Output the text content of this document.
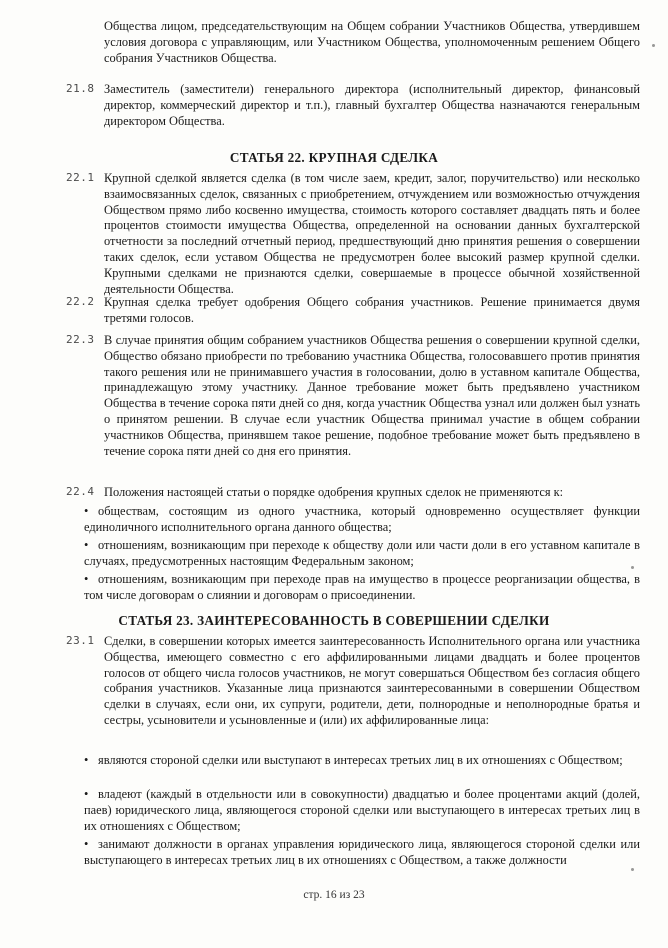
Общества лицом, председательствующим на Общем собрании Участников Общества, утвердившем условия договора с управляющим, или Участником Общества, уполномоченным решением Общего собрания Участников Общества.
21.8 Заместитель (заместители) генерального директора (исполнительный директор, финансовый директор, коммерческий директор и т.п.), главный бухгалтер Общества назначаются генеральным директором Общества.
СТАТЬЯ 22. КРУПНАЯ СДЕЛКА
22.1 Крупной сделкой является сделка (в том числе заем, кредит, залог, поручительство) или несколько взаимосвязанных сделок, связанных с приобретением, отчуждением или возможностью отчуждения Обществом прямо либо косвенно имущества, стоимость которого составляет двадцать пять и более процентов стоимости имущества Общества, определенной на основании данных бухгалтерской отчетности за последний отчетный период, предшествующий дню принятия решения о совершении таких сделок, если уставом Общества не предусмотрен более высокий размер крупной сделки. Крупными сделками не признаются сделки, совершаемые в процессе обычной хозяйственной деятельности Общества.
22.2 Крупная сделка требует одобрения Общего собрания участников. Решение принимается двумя третями голосов.
22.3 В случае принятия общим собранием участников Общества решения о совершении крупной сделки, Общество обязано приобрести по требованию участника Общества, голосовавшего против принятия такого решения или не принимавшего участия в голосовании, долю в уставном капитале Общества, принадлежащую этому участнику. Данное требование может быть предъявлено участником Общества в течение сорока пяти дней со дня, когда участник Общества узнал или должен был узнать о принятом решении. В случае если участник Общества принимал участие в общем собрании участников Общества, принявшем такое решение, подобное требование может быть предъявлено в течение сорока пяти дней со дня его принятия.
22.4 Положения настоящей статьи о порядке одобрения крупных сделок не применяются к:
• обществам, состоящим из одного участника, который одновременно осуществляет функции единоличного исполнительного органа данного общества;
• отношениям, возникающим при переходе к обществу доли или части доли в его уставном капитале в случаях, предусмотренных настоящим Федеральным законом;
• отношениям, возникающим при переходе прав на имущество в процессе реорганизации общества, в том числе договорам о слиянии и договорам о присоединении.
СТАТЬЯ 23. ЗАИНТЕРЕСОВАННОСТЬ В СОВЕРШЕНИИ СДЕЛКИ
23.1 Сделки, в совершении которых имеется заинтересованность Исполнительного органа или участника Общества, имеющего совместно с его аффилированными лицами двадцать и более процентов голосов от общего числа голосов участников, не могут совершаться Обществом без согласия общего собрания участников. Указанные лица признаются заинтересованными в совершении Обществом сделки в случаях, если они, их супруги, родители, дети, полнородные и неполнородные братья и сестры, усыновители и усыновленные и (или) их аффилированные лица:
• являются стороной сделки или выступают в интересах третьих лиц в их отношениях с Обществом;
• владеют (каждый в отдельности или в совокупности) двадцатью и более процентами акций (долей, паев) юридического лица, являющегося стороной сделки или выступающего в интересах третьих лиц в их отношениях с Обществом;
• занимают должности в органах управления юридического лица, являющегося стороной сделки или выступающего в интересах третьих лиц в их отношениях с Обществом, а также должности
стр. 16 из 23
